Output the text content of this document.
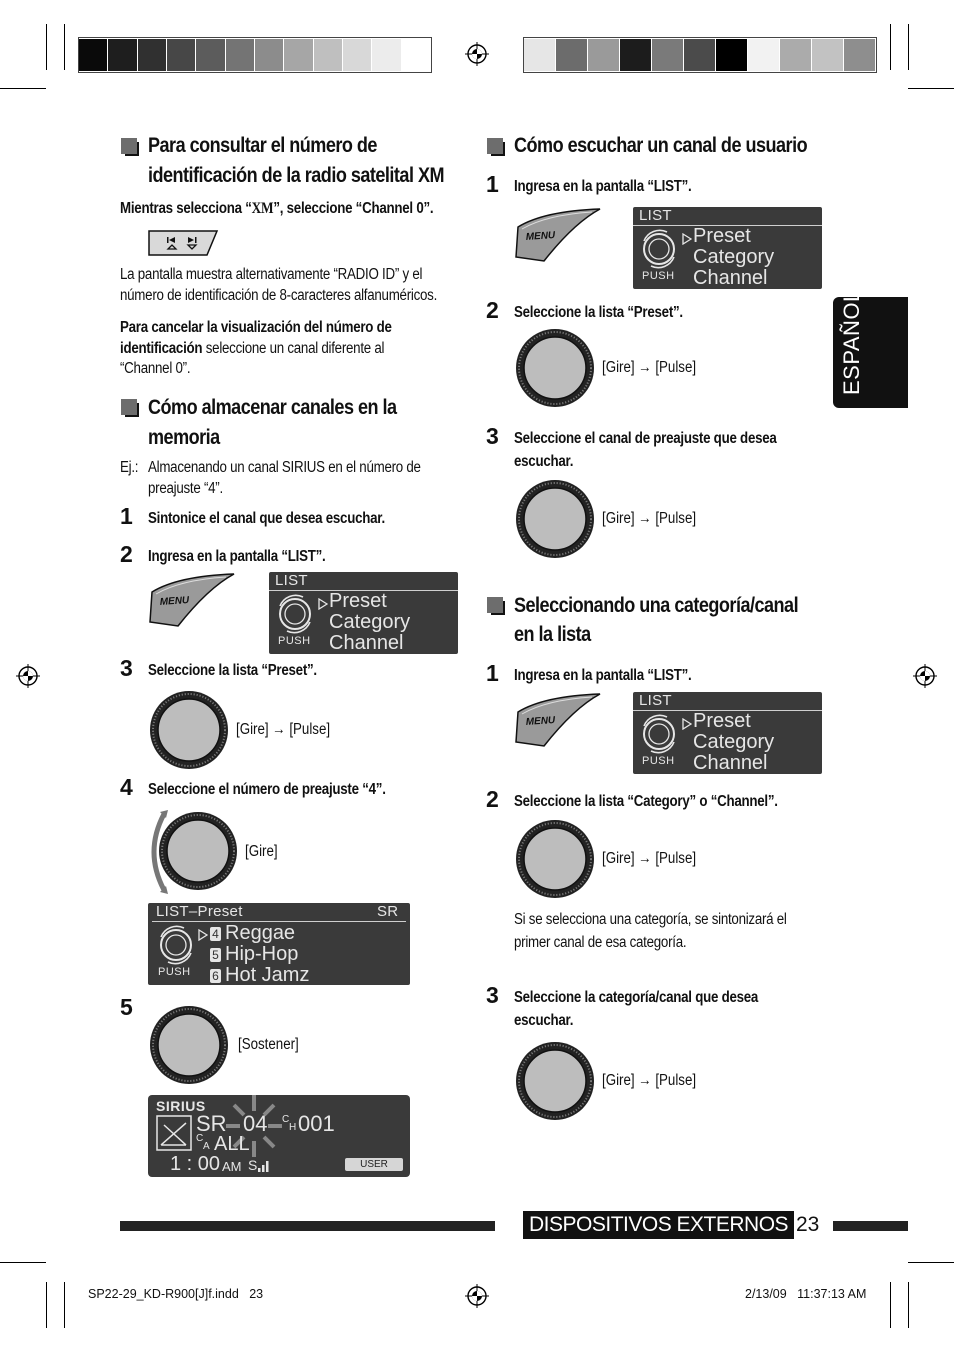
ESPAÑOL
Para consultar el número de
identificación de la radio satelital XM
Mientras selecciona “XM”, seleccione “Channel 0”.
La pantalla muestra alternativamente “RADIO ID” y el
número de identificación de 8-caracteres alfanuméricos.
Para cancelar la visualización del número de
identificación seleccione un canal diferente al
“Channel 0”.
Cómo almacenar canales en la
memoria
Ej.: Almacenando un canal SIRIUS en el número de
preajuste “4”.
1 Sintonice el canal que desea escuchar.
2 Ingresa en la pantalla “LIST”.
MENU
LIST
PUSH
Preset
Category
Channel
3 Seleccione la lista “Preset”.
[Gire] → [Pulse]
4 Seleccione el número de preajuste “4”.
[Gire]
LIST–Preset	SR
PUSH
4 Reggae
5 Hip-Hop
6 Hot Jamz
5
[Sostener]
SIRIUS
SR 04 C
H 001
C
A ALL
1 : 00 AM S	USER
Cómo escuchar un canal de usuario
1 Ingresa en la pantalla “LIST”.
MENU
LIST
PUSH
Preset
Category
Channel
2 Seleccione la lista “Preset”.
[Gire] → [Pulse]
3 Seleccione el canal de preajuste que desea
escuchar.
[Gire] → [Pulse]
Seleccionando una categoría/canal
en la lista
1 Ingresa en la pantalla “LIST”.
MENU
LIST
PUSH
Preset
Category
Channel
2 Seleccione la lista “Category” o “Channel”.
[Gire] → [Pulse]
Si se selecciona una categoría, se sintonizará el
primer canal de esa categoría.
3 Seleccione la categoría/canal que desea
escuchar.
[Gire] → [Pulse]
DISPOSITIVOS EXTERNOS 23
SP22-29_KD-R900[J]f.indd   23	2/13/09   11:37:13 AM
